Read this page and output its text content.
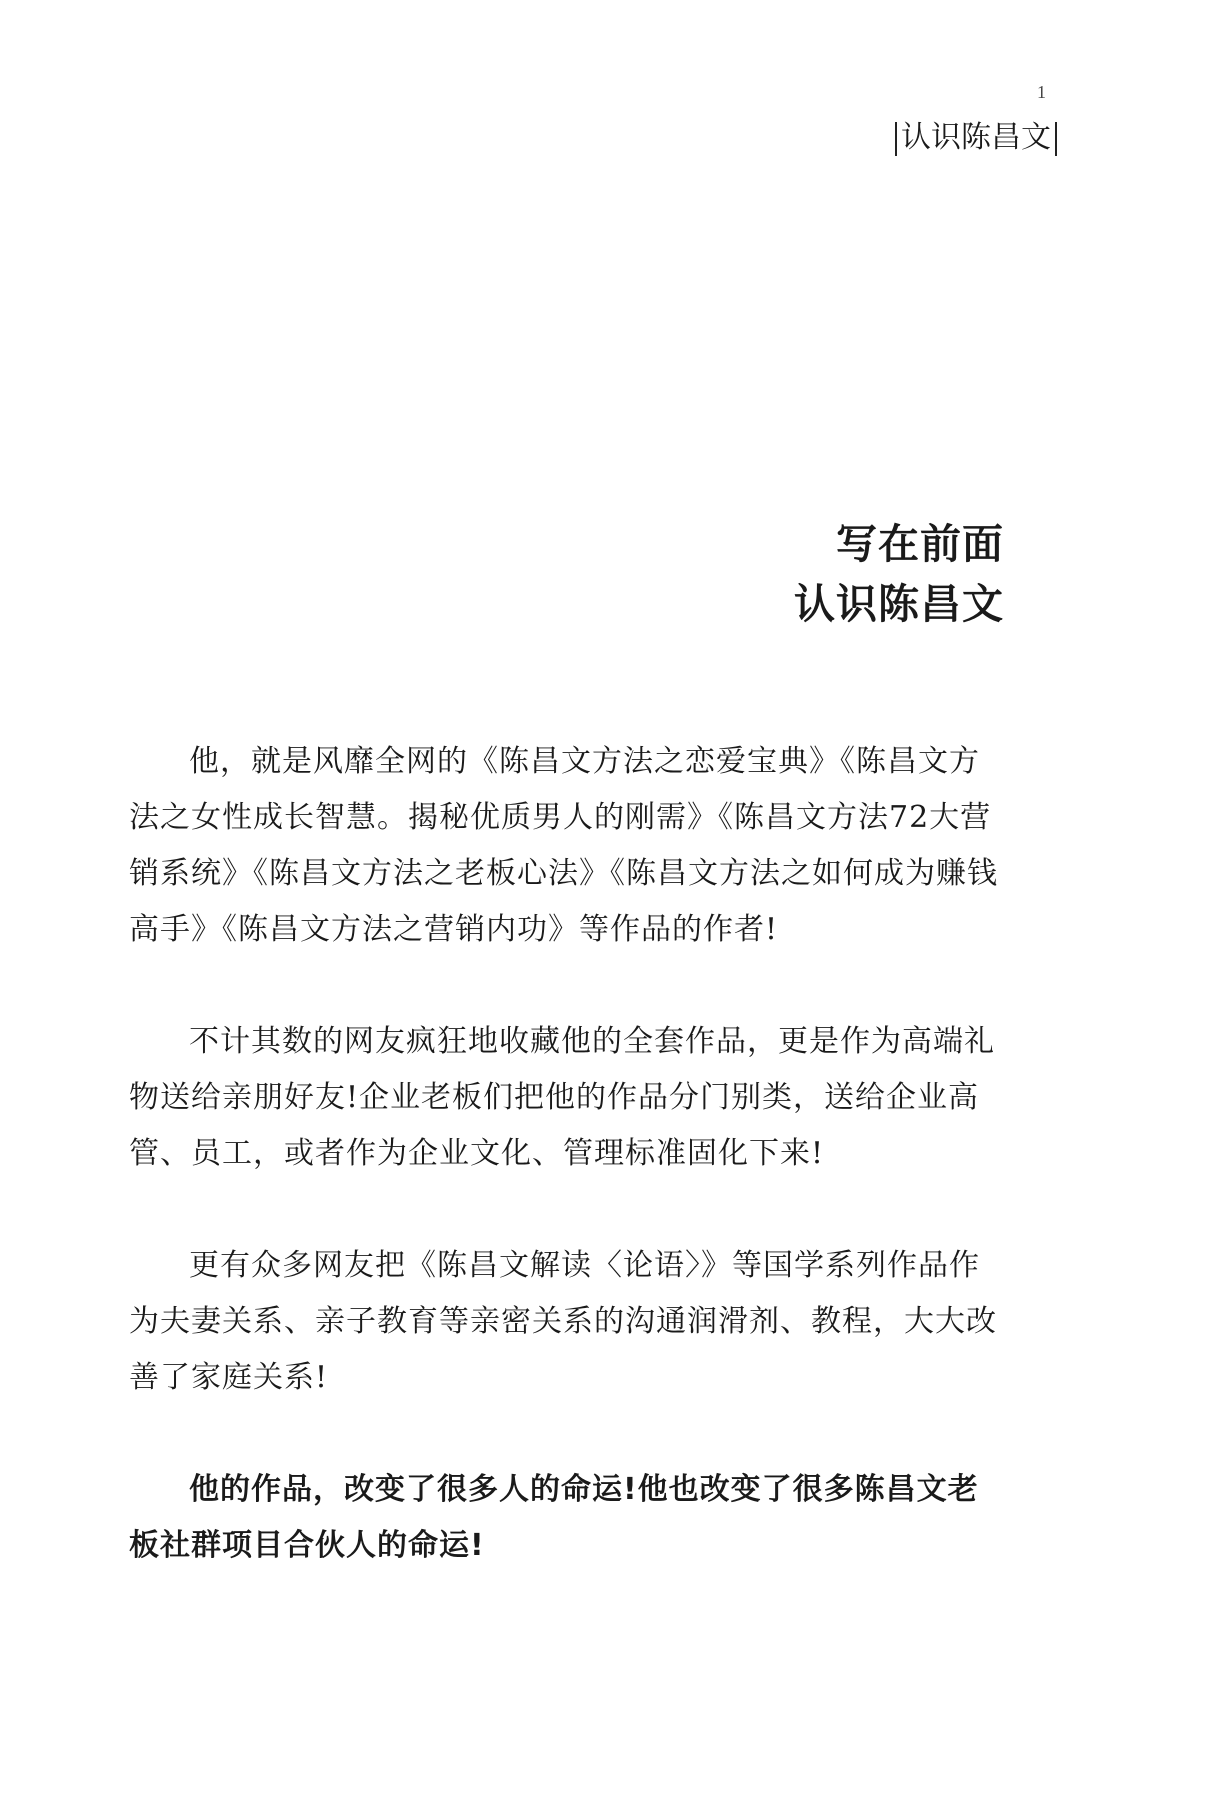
1
认识陈昌文
写在前面
认识陈昌文

他，就是风靡全网的《陈昌文方法之恋爱宝典》《陈昌文方法之女性成长智慧。揭秘优质男人的刚需》《陈昌文方法72大营销系统》《陈昌文方法之老板心法》《陈昌文方法之如何成为赚钱高手》《陈昌文方法之营销内功》等作品的作者!

不计其数的网友疯狂地收藏他的全套作品，更是作为高端礼物送给亲朋好友!企业老板们把他的作品分门别类，送给企业高管、员工，或者作为企业文化、管理标准固化下来!

更有众多网友把《陈昌文解读〈论语〉》等国学系列作品作为夫妻关系、亲子教育等亲密关系的沟通润滑剂、教程，大大改善了家庭关系!

他的作品，改变了很多人的命运!他也改变了很多陈昌文老板社群项目合伙人的命运!
